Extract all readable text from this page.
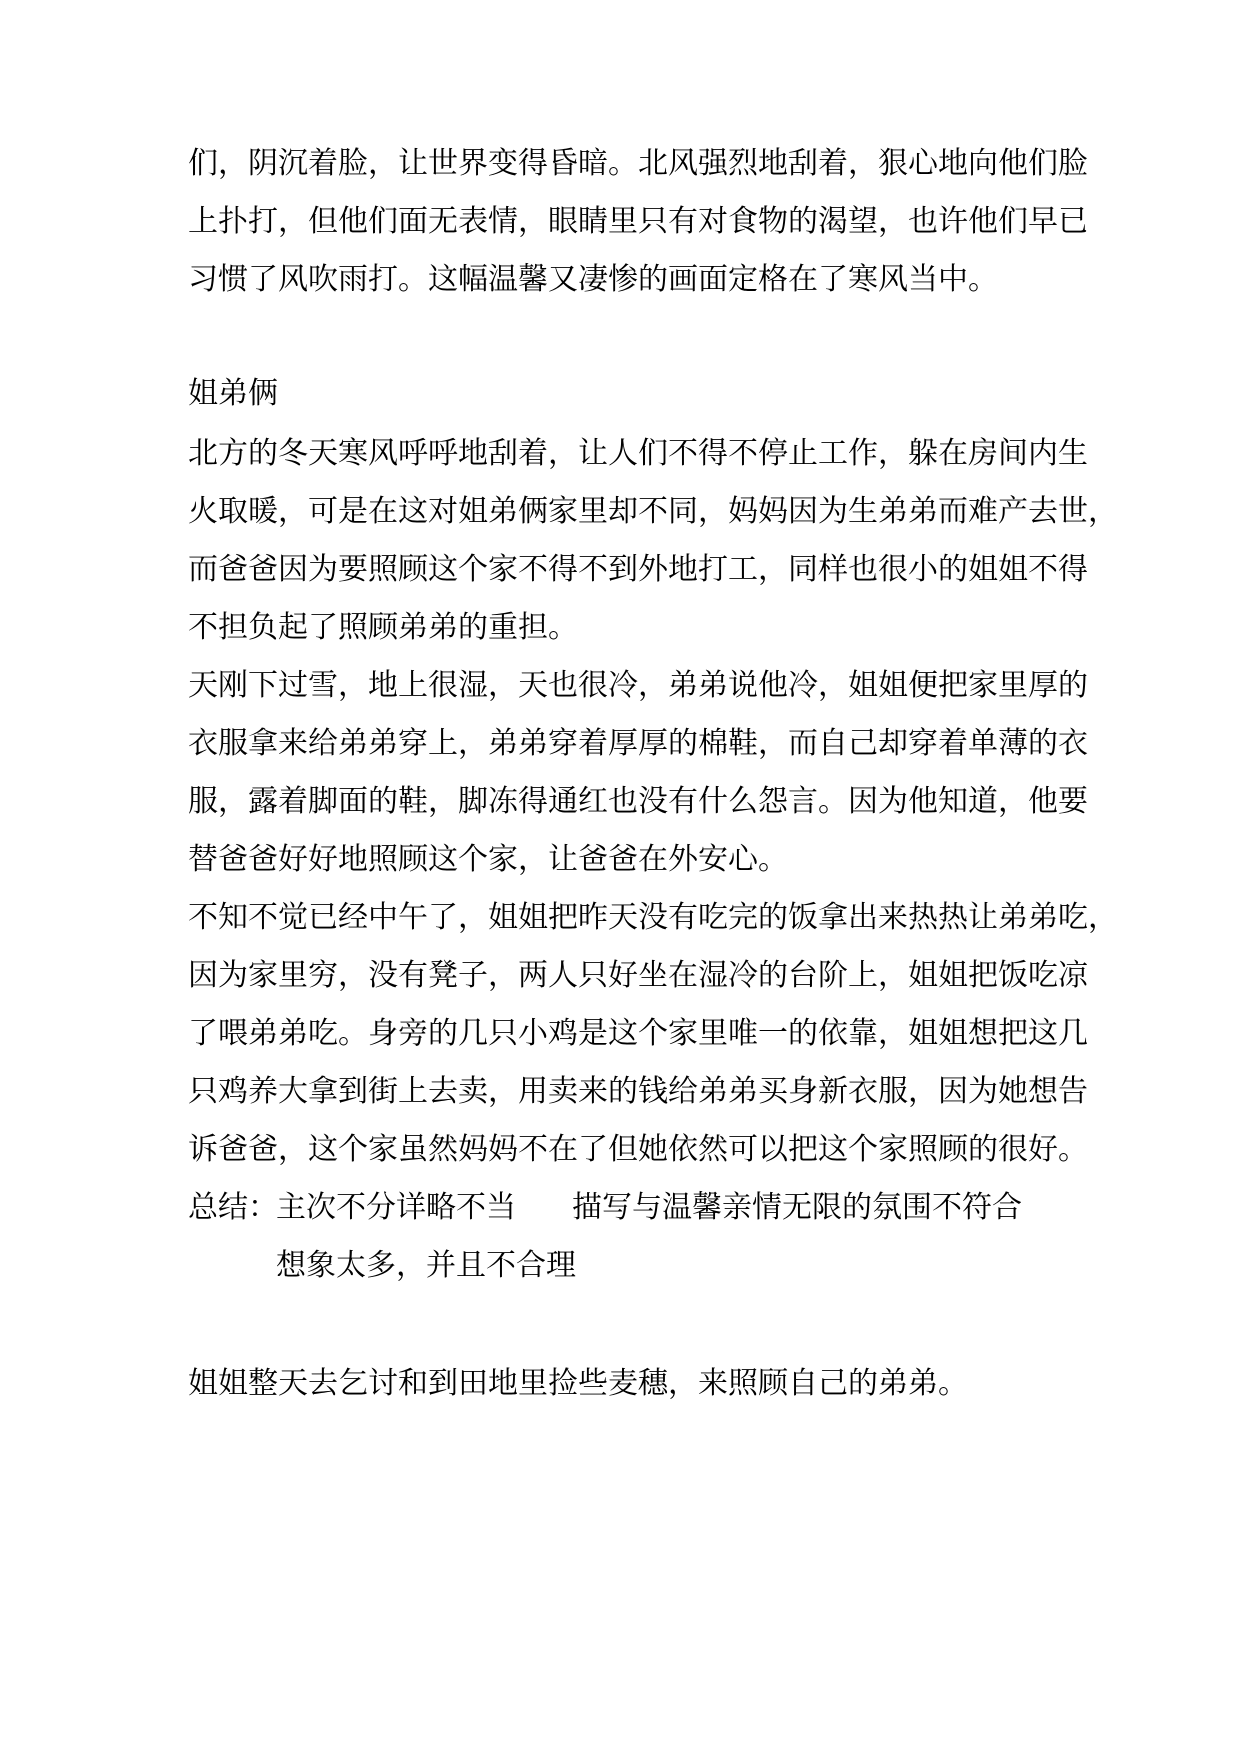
们，阴沉着脸，让世界变得昏暗。北风强烈地刮着，狠心地向他们脸
上扑打，但他们面无表情，眼睛里只有对食物的渴望，也许他们早已
习惯了风吹雨打。这幅温馨又凄惨的画面定格在了寒风当中。
姐弟俩
北方的冬天寒风呼呼地刮着，让人们不得不停止工作，躲在房间内生
火取暖，可是在这对姐弟俩家里却不同，妈妈因为生弟弟而难产去世，
而爸爸因为要照顾这个家不得不到外地打工，同样也很小的姐姐不得
不担负起了照顾弟弟的重担。
天刚下过雪，地上很湿，天也很冷，弟弟说他冷，姐姐便把家里厚的
衣服拿来给弟弟穿上，弟弟穿着厚厚的棉鞋，而自己却穿着单薄的衣
服，露着脚面的鞋，脚冻得通红也没有什么怨言。因为他知道，他要
替爸爸好好地照顾这个家，让爸爸在外安心。
不知不觉已经中午了，姐姐把昨天没有吃完的饭拿出来热热让弟弟吃，
因为家里穷，没有凳子，两人只好坐在湿冷的台阶上，姐姐把饭吃凉
了喂弟弟吃。身旁的几只小鸡是这个家里唯一的依靠，姐姐想把这几
只鸡养大拿到街上去卖，用卖来的钱给弟弟买身新衣服，因为她想告
诉爸爸，这个家虽然妈妈不在了但她依然可以把这个家照顾的很好。
总结：
主次不分详略不当 描写与温馨亲情无限的氛围不符合
想象太多，并且不合理
姐姐整天去乞讨和到田地里捡些麦穗，来照顾自己的弟弟。
